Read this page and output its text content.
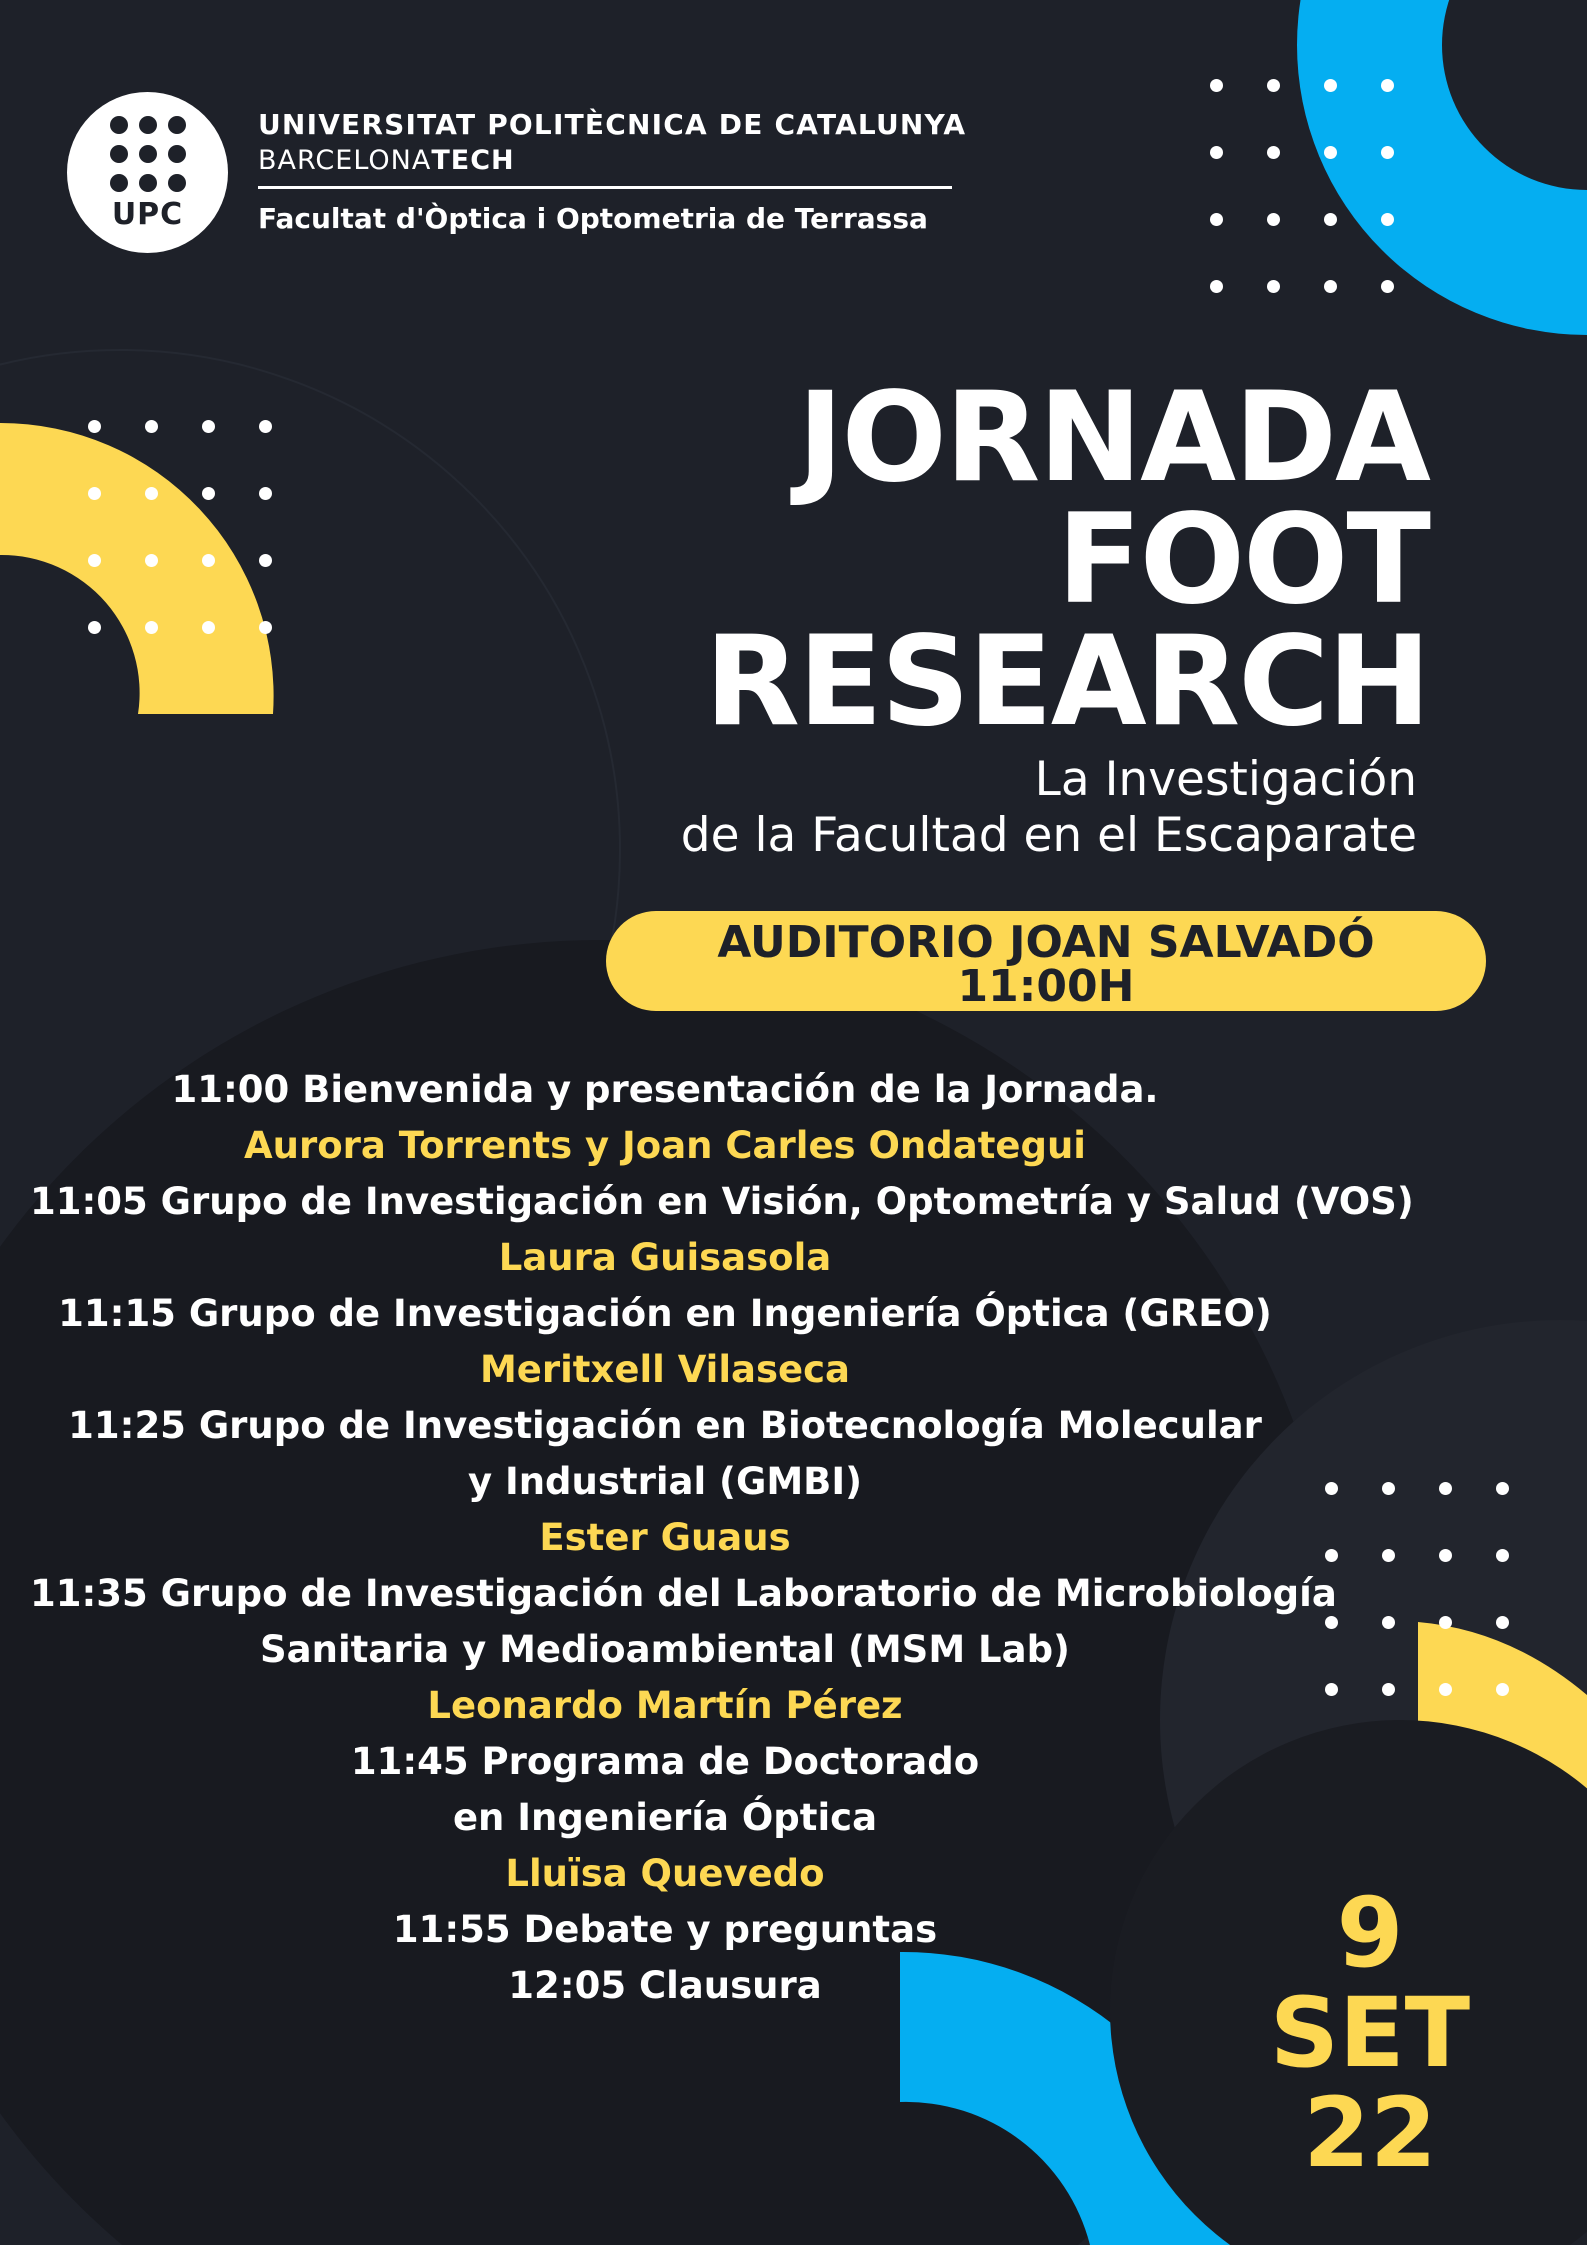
UPC
UNIVERSITAT POLITÈCNICA DE CATALUNYA
BARCELONATECH
Facultat d'Òptica i Optometria de Terrassa
JORNADA
FOOT
RESEARCH
La Investigación
de la Facultad en el Escaparate
AUDITORIO JOAN SALVADÓ
11:00H
11:00 Bienvenida y presentación de la Jornada.
Aurora Torrents y Joan Carles Ondategui
11:05 Grupo de Investigación en Visión, Optometría y Salud (VOS)
Laura Guisasola
11:15 Grupo de Investigación en Ingeniería Óptica (GREO)
Meritxell Vilaseca
11:25 Grupo de Investigación en Biotecnología Molecular
y Industrial (GMBI)
Ester Guaus
11:35 Grupo de Investigación del Laboratorio de Microbiología
Sanitaria y Medioambiental (MSM Lab)
Leonardo Martín Pérez
11:45 Programa de Doctorado
en Ingeniería Óptica
Lluïsa Quevedo
11:55 Debate y preguntas
12:05 Clausura	9
SET
22
